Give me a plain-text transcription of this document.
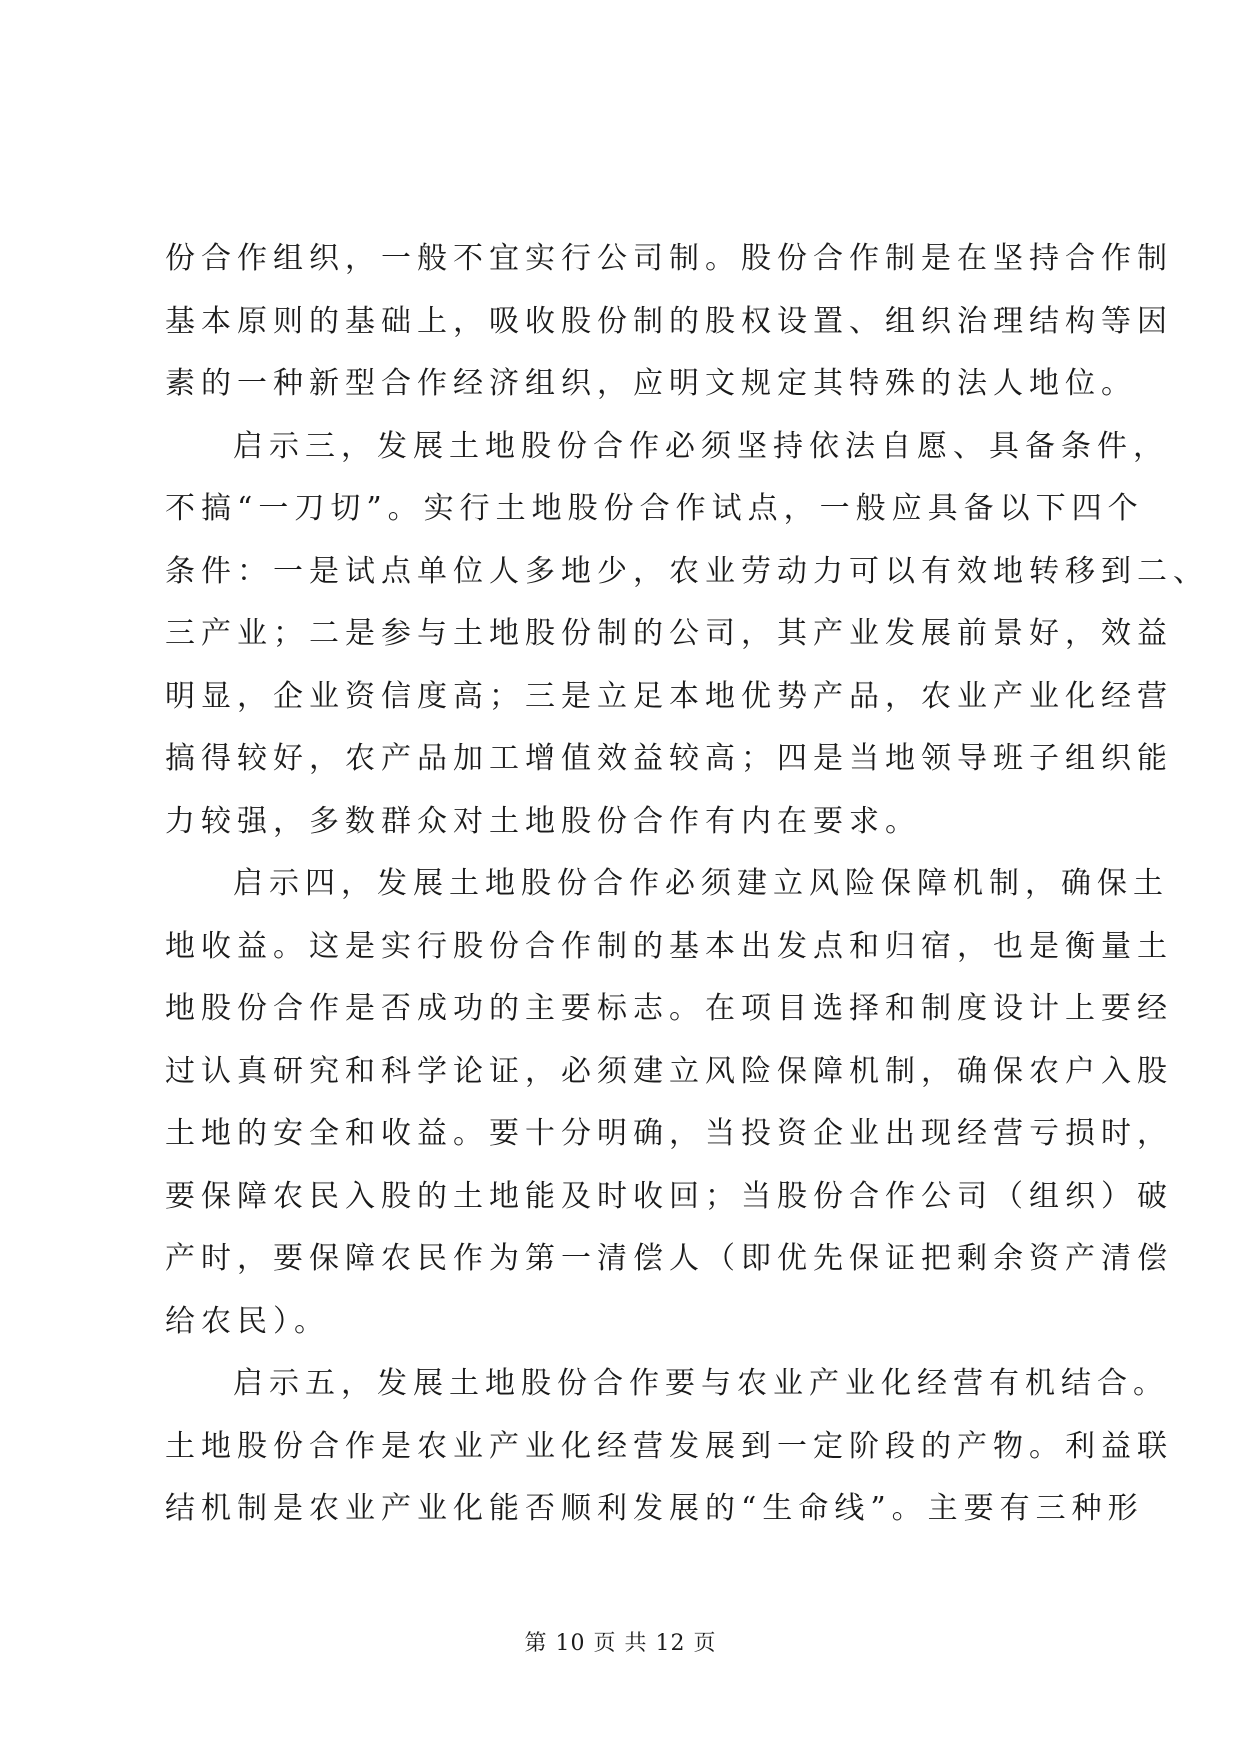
份合作组织，一般不宜实行公司制。股份合作制是在坚持合作制
基本原则的基础上，吸收股份制的股权设置、组织治理结构等因
素的一种新型合作经济组织，应明文规定其特殊的法人地位。
启示三，发展土地股份合作必须坚持依法自愿、具备条件，
不搞“一刀切”。实行土地股份合作试点，一般应具备以下四个
条件：一是试点单位人多地少，农业劳动力可以有效地转移到二、
三产业；二是参与土地股份制的公司，其产业发展前景好，效益
明显，企业资信度高；三是立足本地优势产品，农业产业化经营
搞得较好，农产品加工增值效益较高；四是当地领导班子组织能
力较强，多数群众对土地股份合作有内在要求。
启示四，发展土地股份合作必须建立风险保障机制，确保土
地收益。这是实行股份合作制的基本出发点和归宿，也是衡量土
地股份合作是否成功的主要标志。在项目选择和制度设计上要经
过认真研究和科学论证，必须建立风险保障机制，确保农户入股
土地的安全和收益。要十分明确，当投资企业出现经营亏损时，
要保障农民入股的土地能及时收回；当股份合作公司（组织）破
产时，要保障农民作为第一清偿人（即优先保证把剩余资产清偿
给农民）。
启示五，发展土地股份合作要与农业产业化经营有机结合。
土地股份合作是农业产业化经营发展到一定阶段的产物。利益联
结机制是农业产业化能否顺利发展的“生命线”。主要有三种形
第 10 页 共 12 页
